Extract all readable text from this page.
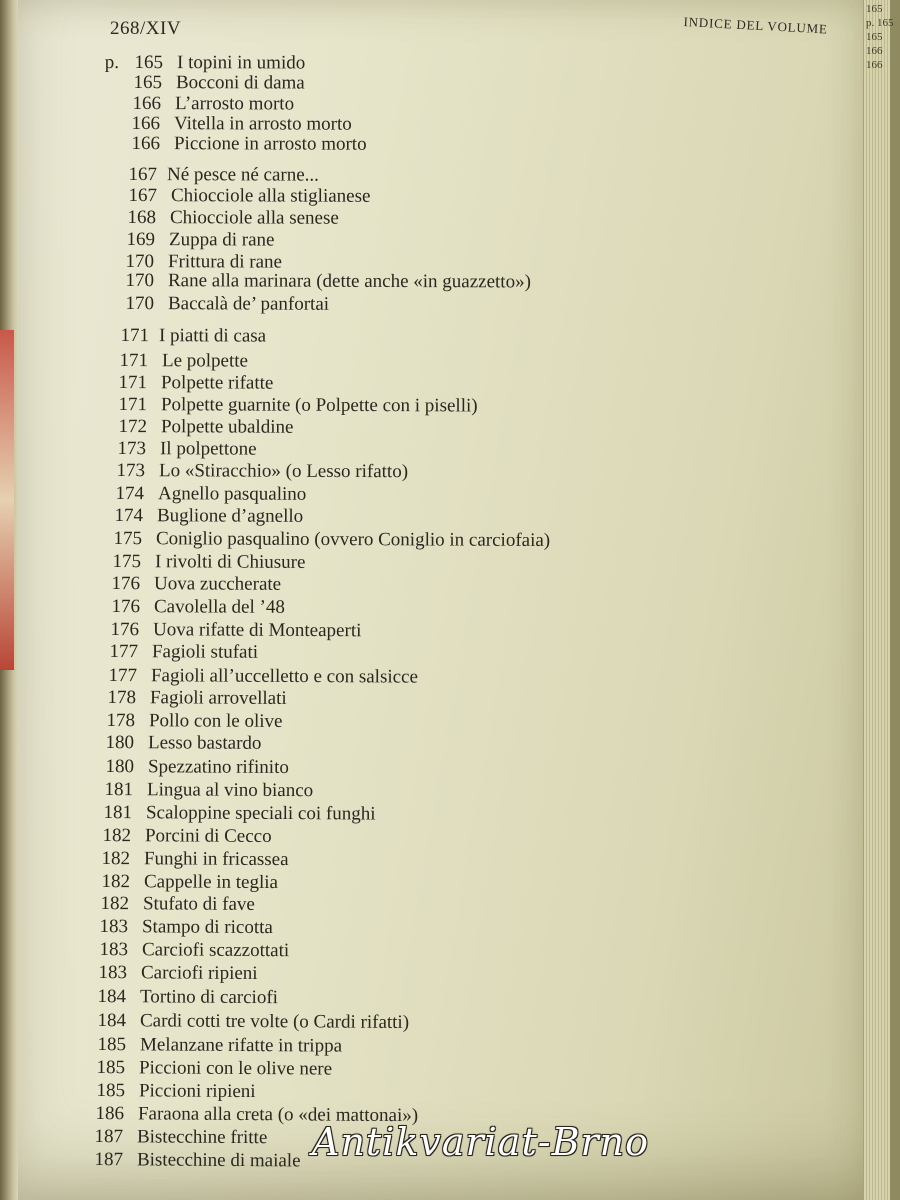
165
p. 165
165
166
166
268/XIV	INDICE DEL VOLUME
p. 165 I topini in umido
165 Bocconi di dama
166 L’arrosto morto
166 Vitella in arrosto morto
166 Piccione in arrosto morto
167 Né pesce né carne...
167 Chiocciole alla stiglianese
168 Chiocciole alla senese
169 Zuppa di rane
170 Frittura di rane
170 Rane alla marinara (dette anche «in guazzetto»)
170 Baccalà de’ panfortai
171 I piatti di casa
171 Le polpette
171 Polpette rifatte
171 Polpette guarnite (o Polpette con i piselli)
172 Polpette ubaldine
173 Il polpettone
173 Lo «Stiracchio» (o Lesso rifatto)
174 Agnello pasqualino
174 Buglione d’agnello
175 Coniglio pasqualino (ovvero Coniglio in carciofaia)
175 I rivolti di Chiusure
176 Uova zuccherate
176 Cavolella del ’48
176 Uova rifatte di Monteaperti
177 Fagioli stufati
177 Fagioli all’uccelletto e con salsicce
178 Fagioli arrovellati
178 Pollo con le olive
180 Lesso bastardo
180 Spezzatino rifinito
181 Lingua al vino bianco
181 Scaloppine speciali coi funghi
182 Porcini di Cecco
182 Funghi in fricassea
182 Cappelle in teglia
182 Stufato di fave
183 Stampo di ricotta
183 Carciofi scazzottati
183 Carciofi ripieni
184 Tortino di carciofi
184 Cardi cotti tre volte (o Cardi rifatti)
185 Melanzane rifatte in trippa
185 Piccioni con le olive nere
185 Piccioni ripieni
186 Faraona alla creta (o «dei mattonai»)
187 Bistecchine fritte
187 Bistecchine di maiale Antikvariat-Brno
